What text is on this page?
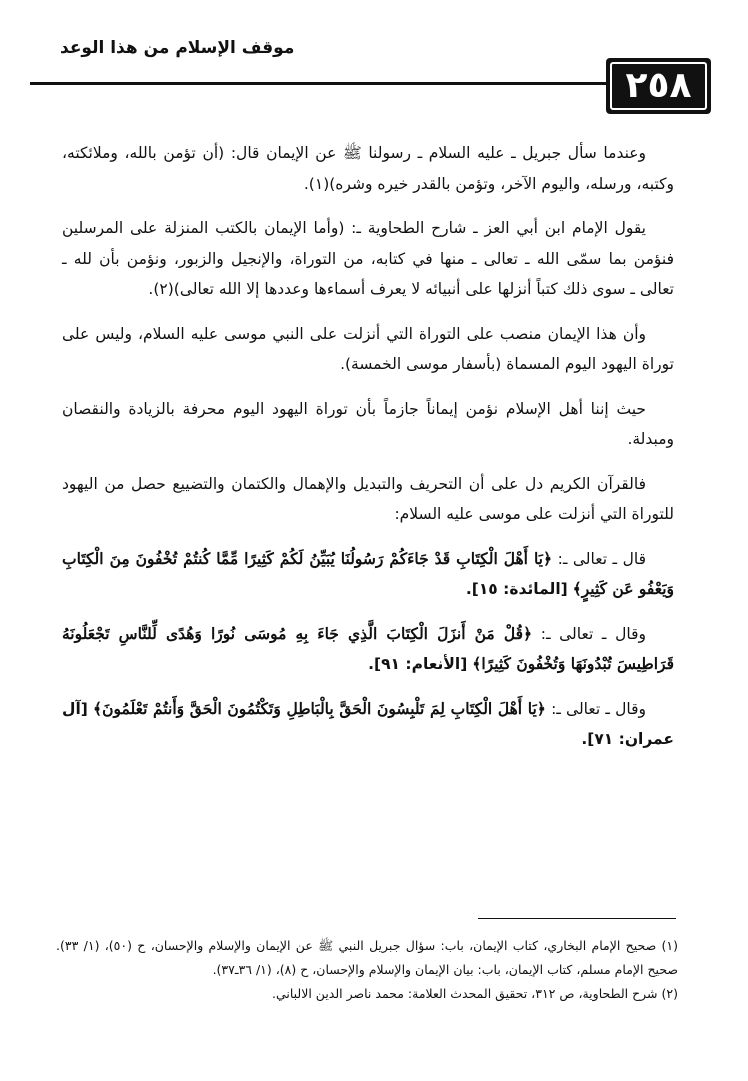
موقف الإسلام من هذا الوعد
٢٥٨

وعندما سأل جبريل ـ عليه السلام ـ رسولنا ﷺ عن الإيمان قال: (أن تؤمن بالله، وملائكته، وكتبه، ورسله، واليوم الآخر، وتؤمن بالقدر خيره وشره)(١).

يقول الإمام ابن أبي العز ـ شارح الطحاوية ـ: (وأما الإيمان بالكتب المنزلة على المرسلين فنؤمن بما سمّى الله ـ تعالى ـ منها في كتابه، من التوراة، والإنجيل والزبور، ونؤمن بأن لله ـ تعالى ـ سوى ذلك كتباً أنزلها على أنبيائه لا يعرف أسماءها وعددها إلا الله تعالى)(٢).

وأن هذا الإيمان منصب على التوراة التي أنزلت على النبي موسى عليه السلام، وليس على توراة اليهود اليوم المسماة (بأسفار موسى الخمسة).

حيث إننا أهل الإسلام نؤمن إيماناً جازماً بأن توراة اليهود اليوم محرفة بالزيادة والنقصان ومبدلة.

فالقرآن الكريم دل على أن التحريف والتبديل والإهمال والكتمان والتضييع حصل من اليهود للتوراة التي أنزلت على موسى عليه السلام:

قال ـ تعالى ـ: ﴿يَا أَهْلَ الْكِتَابِ قَدْ جَاءَكُمْ رَسُولُنَا يُبَيِّنُ لَكُمْ كَثِيرًا مِّمَّا كُنتُمْ تُخْفُونَ مِنَ الْكِتَابِ وَيَعْفُو عَن كَثِيرٍ﴾ [المائدة: ١٥].

وقال ـ تعالى ـ: ﴿قُلْ مَنْ أَنزَلَ الْكِتَابَ الَّذِي جَاءَ بِهِ مُوسَى نُورًا وَهُدًى لِّلنَّاسِ تَجْعَلُونَهُ قَرَاطِيسَ تُبْدُونَهَا وَتُخْفُونَ كَثِيرًا﴾ [الأنعام: ٩١].

وقال ـ تعالى ـ: ﴿يَا أَهْلَ الْكِتَابِ لِمَ تَلْبِسُونَ الْحَقَّ بِالْبَاطِلِ وَتَكْتُمُونَ الْحَقَّ وَأَنتُمْ تَعْلَمُونَ﴾ [آل عمران: ٧١].

(١) صحيح الإمام البخاري، كتاب الإيمان، باب: سؤال جبريل النبي ﷺ عن الإيمان والإسلام والإحسان، ح (٥٠)، (١/ ٣٣). صحيح الإمام مسلم، كتاب الإيمان، باب: بيان الإيمان والإسلام والإحسان، ح (٨)، (١/ ٣٦ـ٣٧).

(٢) شرح الطحاوية، ص ٣١٢، تحقيق المحدث العلامة: محمد ناصر الدين الالباني.
